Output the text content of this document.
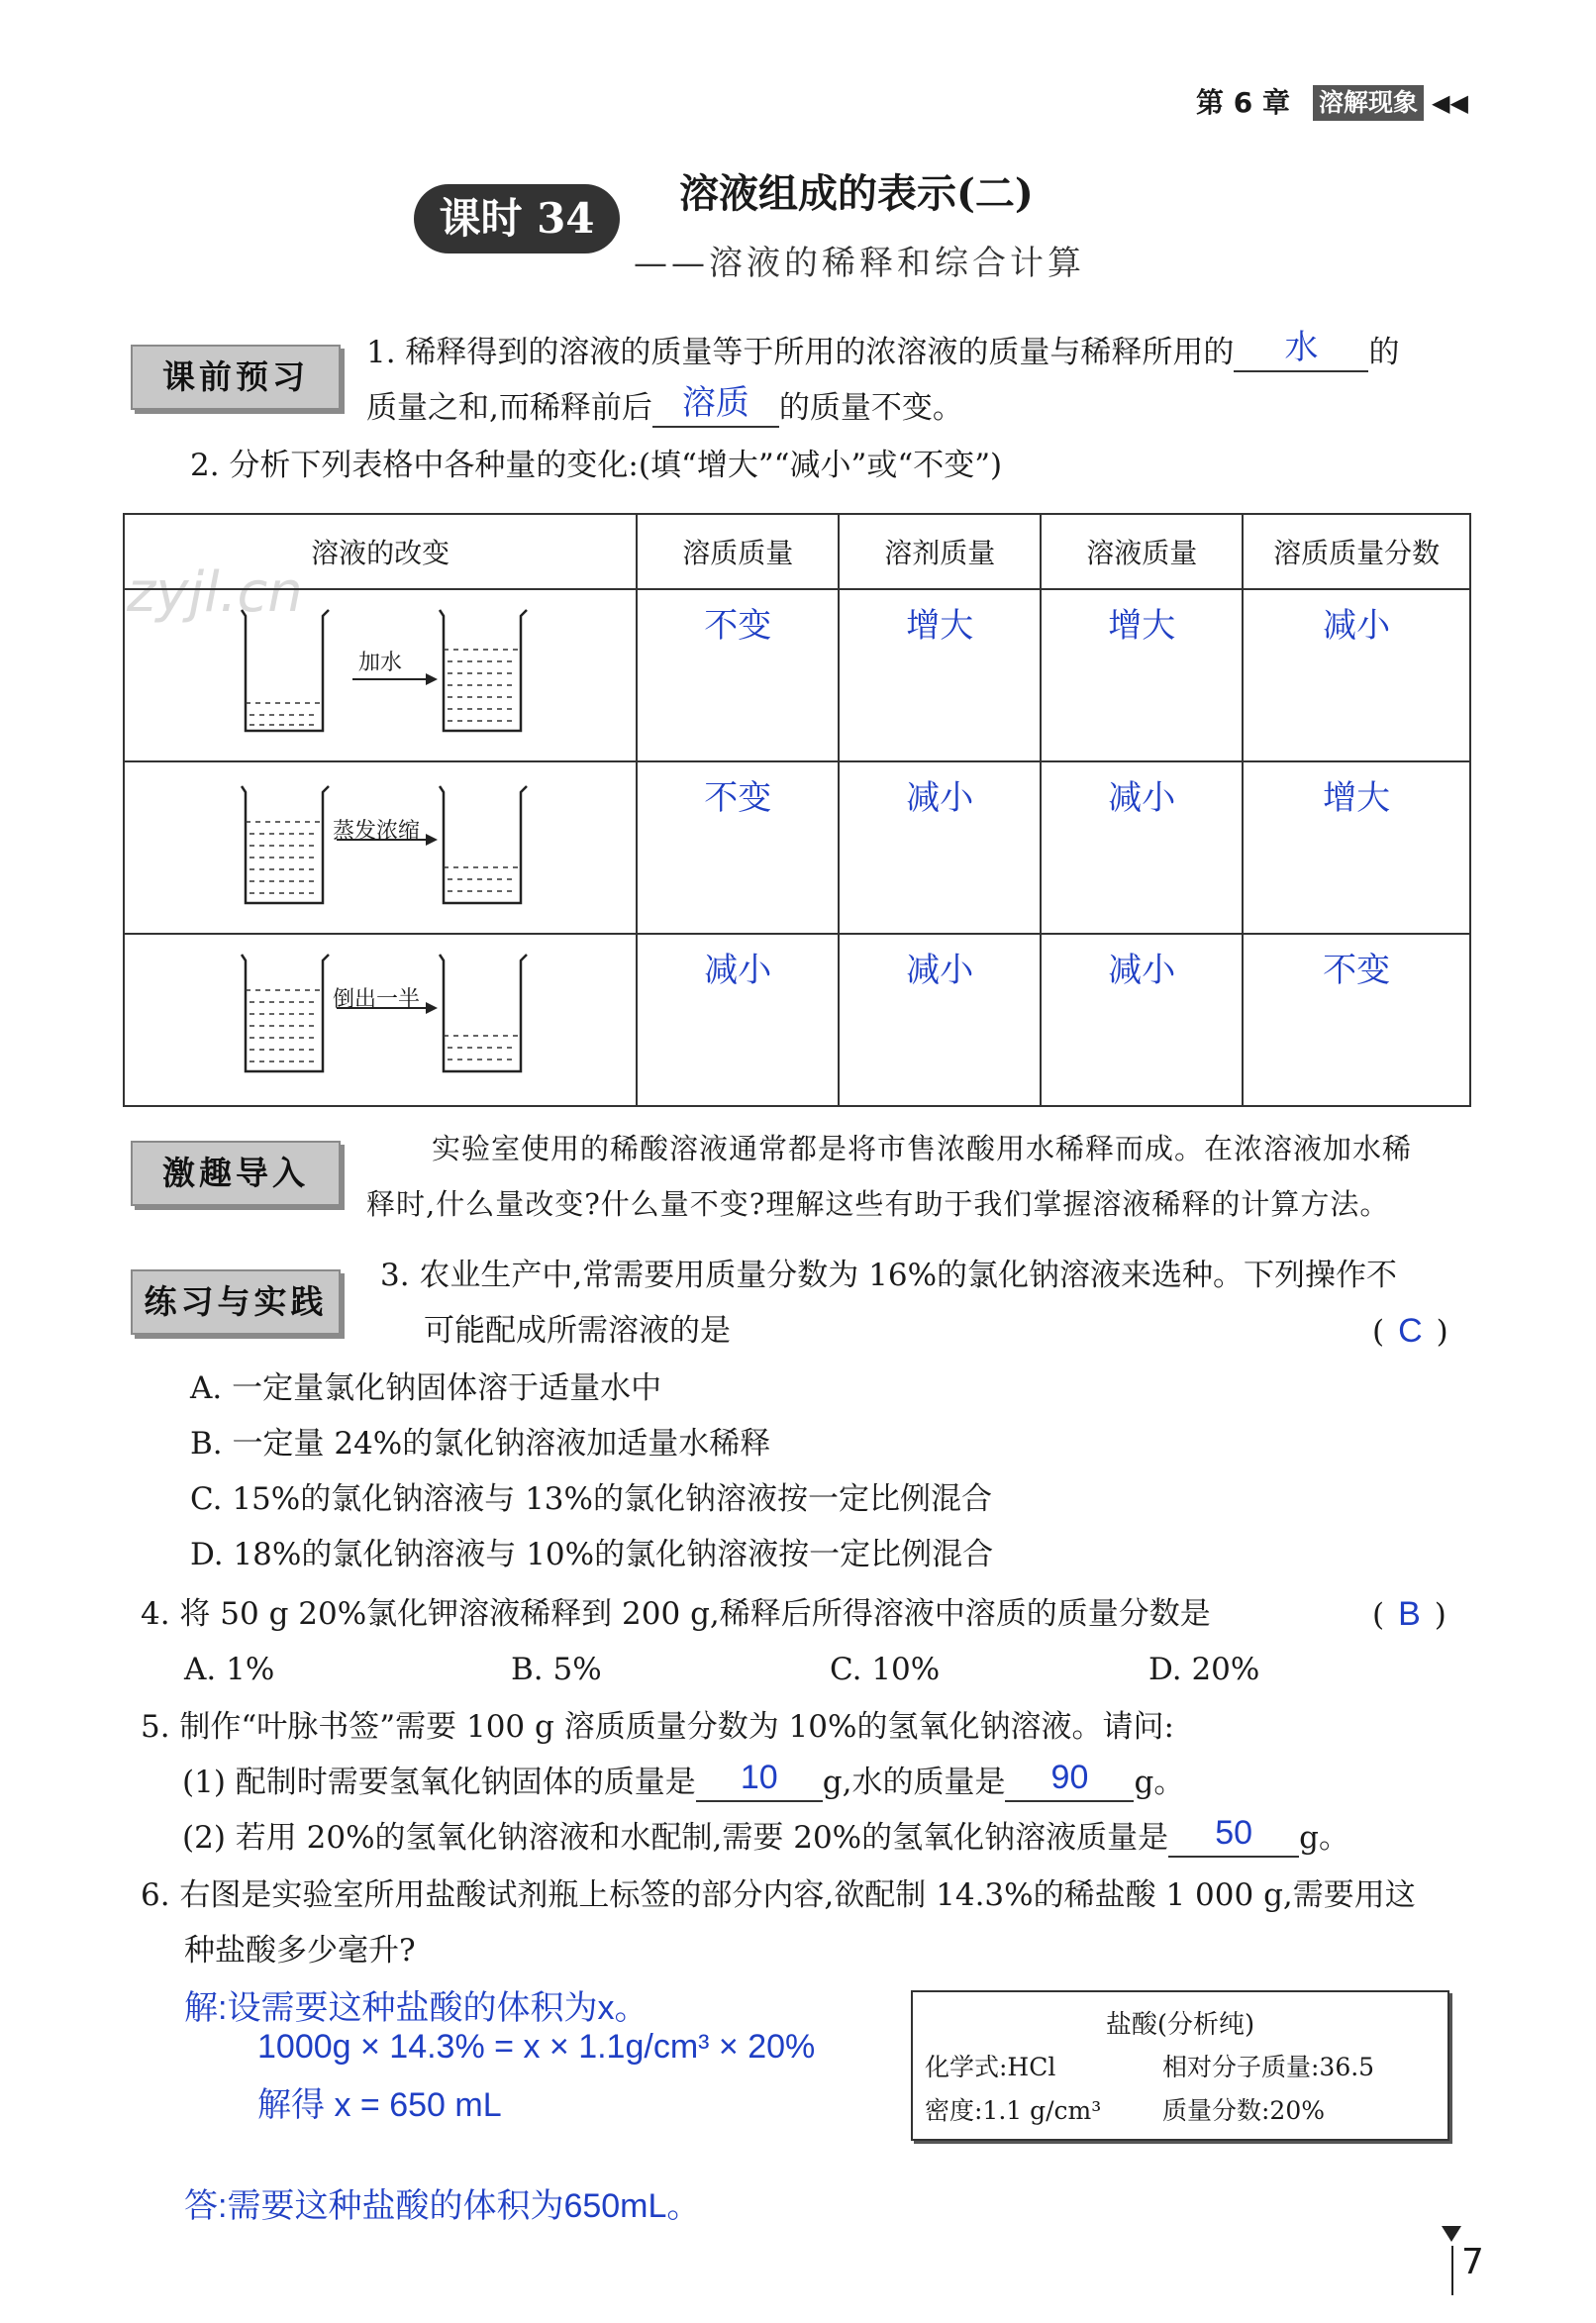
第 6 章 溶解现象 ◀◀
课时 34
溶液组成的表示(二)
——溶液的稀释和综合计算
zyjl.cn
课前预习
1. 稀释得到的溶液的质量等于所用的浓溶液的质量与稀释所用的	水	的
质量之和,而稀释前后 溶质 的质量不变。
2. 分析下列表格中各种量的变化:(填“增大”“减小”或“不变”)
溶液的改变	溶质质量	溶剂质量	溶液质量	溶质质量分数
	不变	增大	增大	减小
	不变	减小	减小	增大
	减小	减小	减小	不变
加水
蒸发浓缩
倒出一半
激趣导入
实验室使用的稀酸溶液通常都是将市售浓酸用水稀释而成。在浓溶液加水稀
释时,什么量改变?什么量不变?理解这些有助于我们掌握溶液稀释的计算方法。
练习与实践
3. 农业生产中,常需要用质量分数为 16%的氯化钠溶液来选种。下列操作不
可能配成所需溶液的是	( C )
A. 一定量氯化钠固体溶于适量水中
B. 一定量 24%的氯化钠溶液加适量水稀释
C. 15%的氯化钠溶液与 13%的氯化钠溶液按一定比例混合
D. 18%的氯化钠溶液与 10%的氯化钠溶液按一定比例混合
4. 将 50 g 20%氯化钾溶液稀释到 200 g,稀释后所得溶液中溶质的质量分数是	( B )
A. 1%	B. 5%	C. 10%	D. 20%
5. 制作“叶脉书签”需要 100 g 溶质质量分数为 10%的氢氧化钠溶液。请问:
(1) 配制时需要氢氧化钠固体的质量是	10	g,水的质量是	90	g。
(2) 若用 20%的氢氧化钠溶液和水配制,需要 20%的氢氧化钠溶液质量是	50	g。
6. 右图是实验室所用盐酸试剂瓶上标签的部分内容,欲配制 14.3%的稀盐酸 1 000 g,需要用这
种盐酸多少毫升?
解:设需要这种盐酸的体积为x。
1000g × 14.3% = x × 1.1g/cm³ × 20%
解得 x = 650 mL
答:需要这种盐酸的体积为650mL。
盐酸(分析纯)
化学式:HCl	相对分子质量:36.5
密度:1.1 g/cm³ 质量分数:20%
7
